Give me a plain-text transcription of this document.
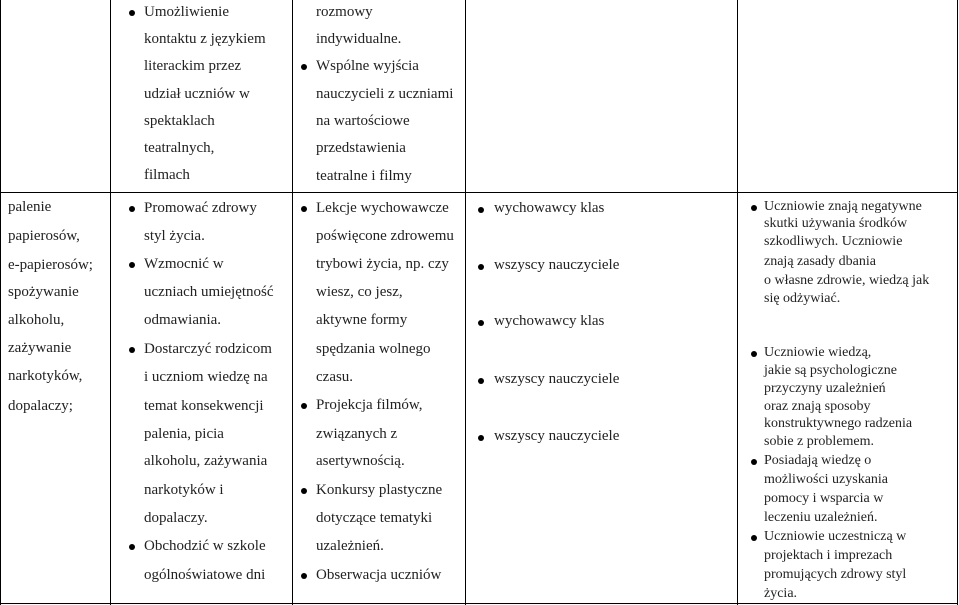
palenie
papierosów,
e-papierosów;
spożywanie
alkoholu,
zażywanie
narkotyków,
dopalaczy;
Umożliwienie
kontaktu z językiem
literackim przez
udział uczniów w
spektaklach
teatralnych,
filmach
Promować zdrowy
styl życia.
Wzmocnić w
uczniach umiejętność
odmawiania.
Dostarczyć rodzicom
i uczniom wiedzę na
temat konsekwencji
palenia, picia
alkoholu, zażywania
narkotyków i
dopalaczy.
Obchodzić w szkole
ogólnoświatowe dni
rozmowy
indywidualne.
Wspólne wyjścia
nauczycieli z uczniami
na wartościowe
przedstawienia
teatralne i filmy
Lekcje wychowawcze
poświęcone zdrowemu
trybowi życia, np. czy
wiesz, co jesz,
aktywne formy
spędzania wolnego
czasu.
Projekcja filmów,
związanych z
asertywnością.
Konkursy plastyczne
dotyczące tematyki
uzależnień.
Obserwacja uczniów
wychowawcy klas
wszyscy nauczyciele
wychowawcy klas
wszyscy nauczyciele
wszyscy nauczyciele
Uczniowie znają negatywne
skutki używania środków
szkodliwych. Uczniowie
znają zasady dbania
o własne zdrowie, wiedzą jak
się odżywiać.
Uczniowie wiedzą,
jakie są psychologiczne
przyczyny uzależnień
oraz znają sposoby
konstruktywnego radzenia
sobie z problemem.
Posiadają wiedzę o
możliwości uzyskania
pomocy i wsparcia w
leczeniu uzależnień.
Uczniowie uczestniczą w
projektach i imprezach
promujących zdrowy styl
życia.
